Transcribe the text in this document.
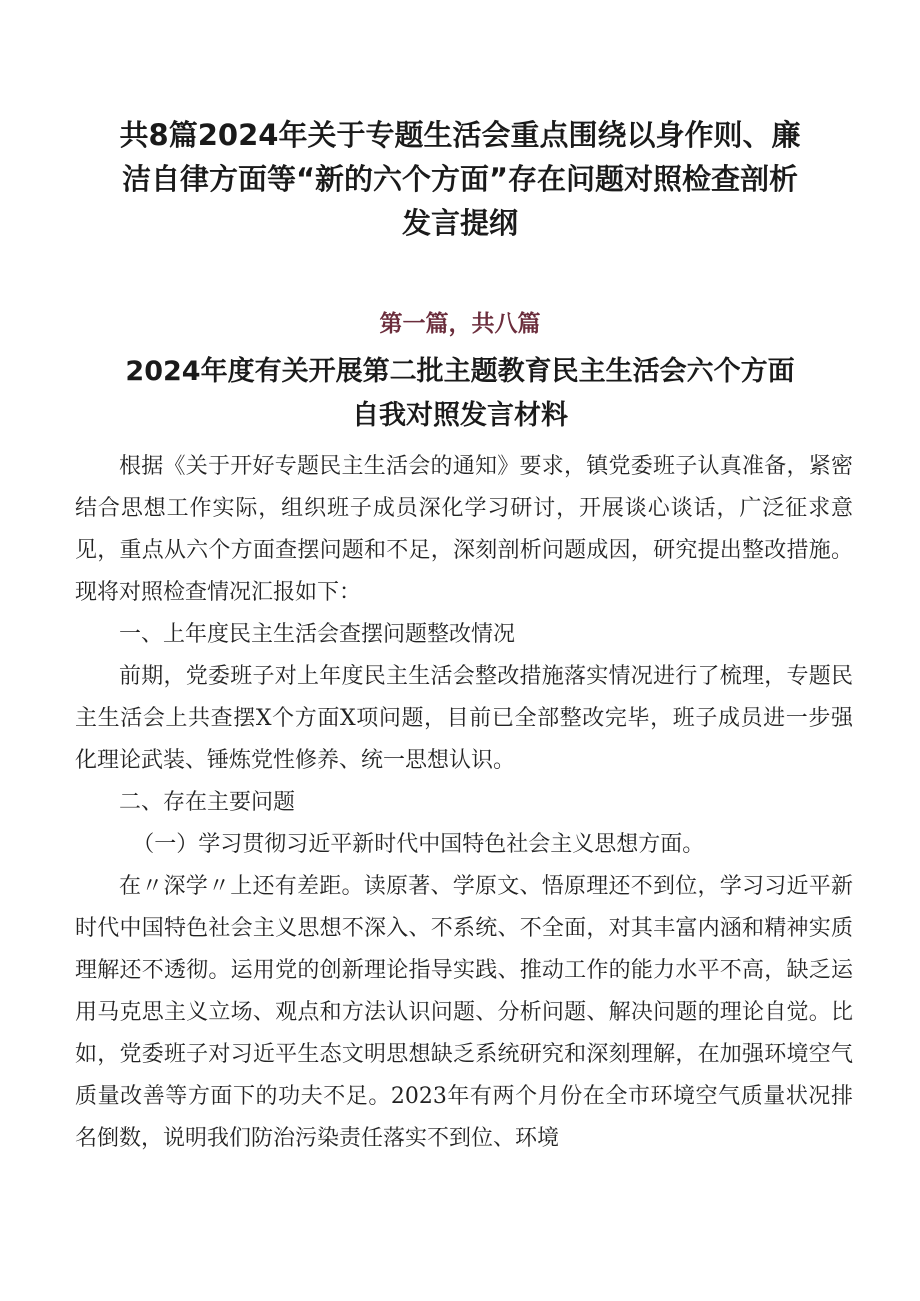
共8篇2024年关于专题生活会重点围绕以身作则、廉洁自律方面等“新的六个方面”存在问题对照检查剖析发言提纲
第一篇，共八篇
2024年度有关开展第二批主题教育民主生活会六个方面自我对照发言材料

根据《关于开好专题民主生活会的通知》要求，镇党委班子认真准备，紧密结合思想工作实际，组织班子成员深化学习研讨，开展谈心谈话，广泛征求意见，重点从六个方面查摆问题和不足，深刻剖析问题成因，研究提出整改措施。现将对照检查情况汇报如下：

一、上年度民主生活会查摆问题整改情况

前期，党委班子对上年度民主生活会整改措施落实情况进行了梳理，专题民主生活会上共查摆X个方面X项问题，目前已全部整改完毕，班子成员进一步强化理论武装、锤炼党性修养、统一思想认识。

二、存在主要问题

（一）学习贯彻习近平新时代中国特色社会主义思想方面。

在〃深学〃上还有差距。读原著、学原文、悟原理还不到位，学习习近平新时代中国特色社会主义思想不深入、不系统、不全面，对其丰富内涵和精神实质理解还不透彻。运用党的创新理论指导实践、推动工作的能力水平不高，缺乏运用马克思主义立场、观点和方法认识问题、分析问题、解决问题的理论自觉。比如，党委班子对习近平生态文明思想缺乏系统研究和深刻理解，在加强环境空气质量改善等方面下的功夫不足。2023年有两个月份在全市环境空气质量状况排名倒数，说明我们防治污染责任落实不到位、环境
